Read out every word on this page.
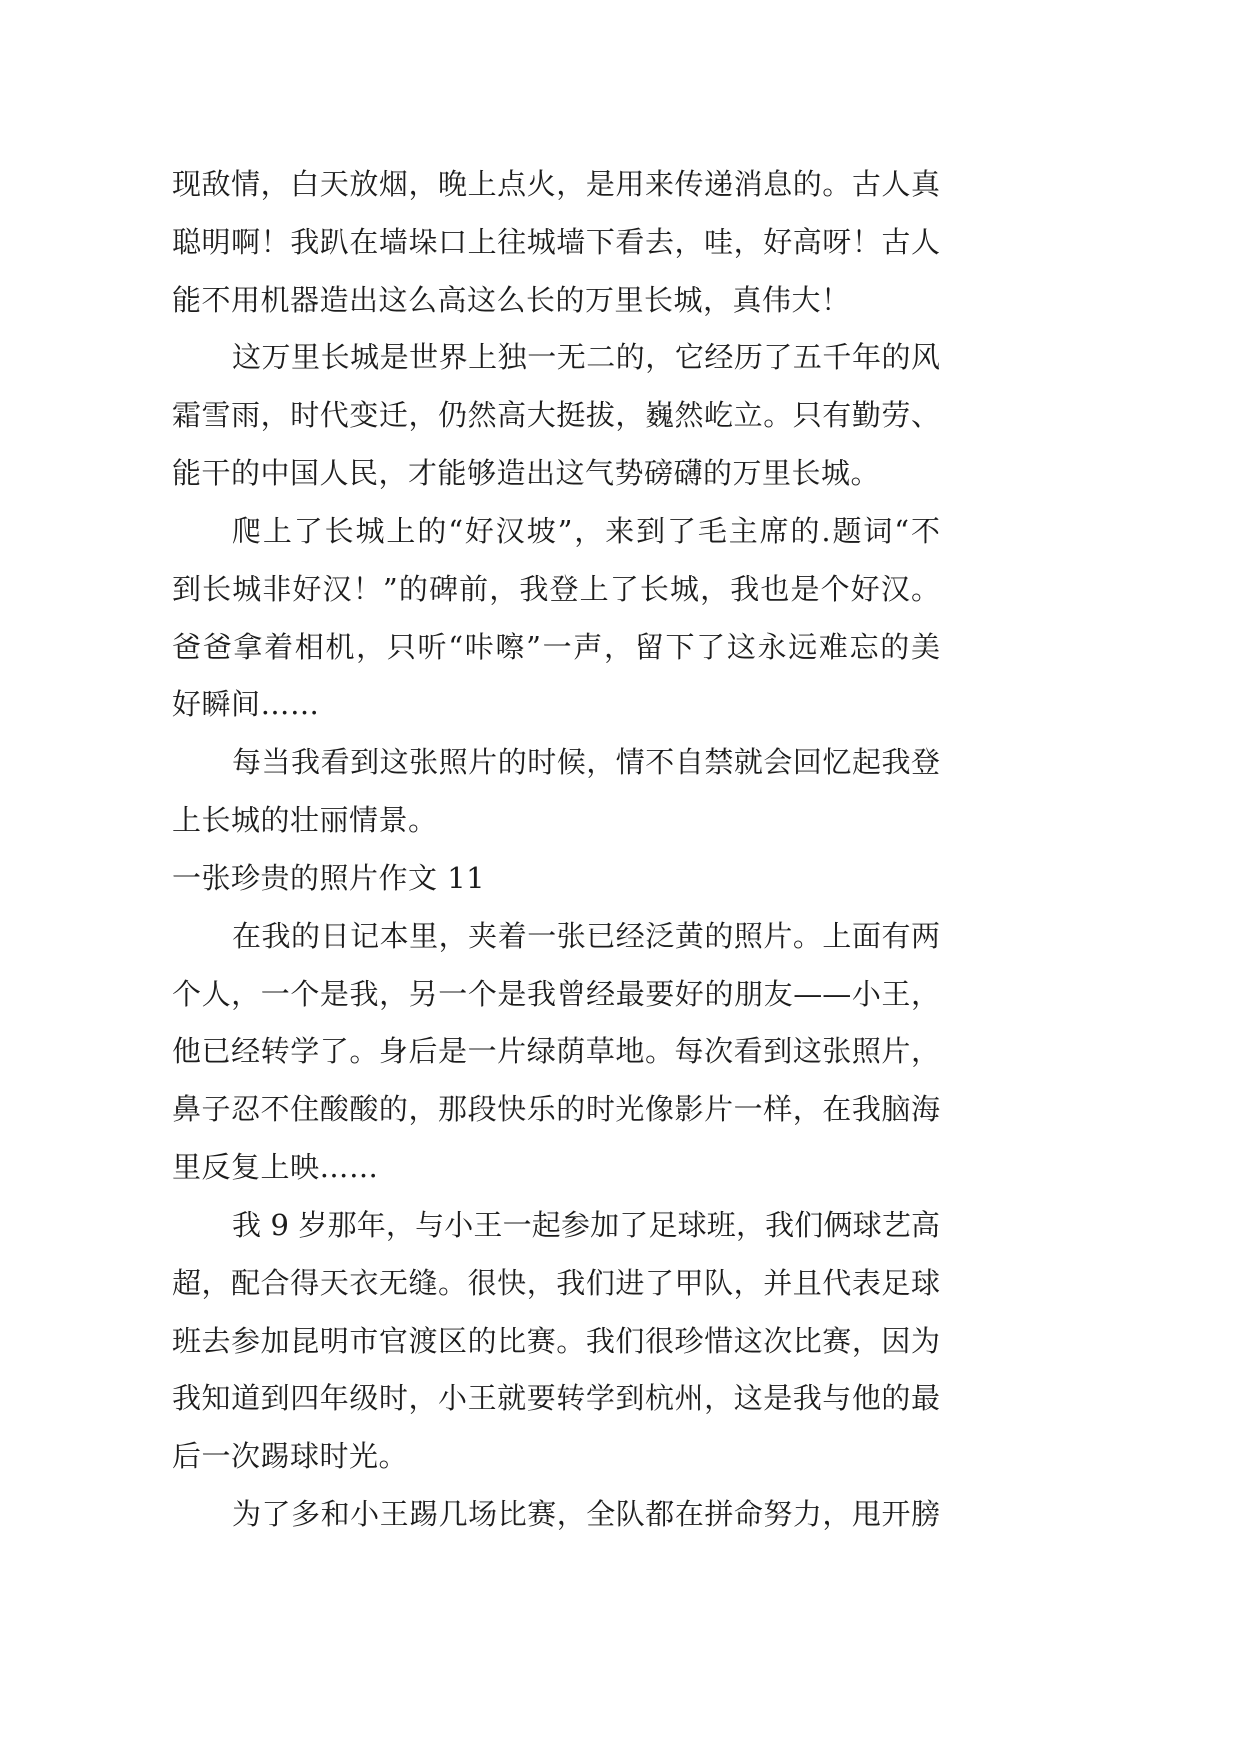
现敌情，白天放烟，晚上点火，是用来传递消息的。古人真
聪明啊！我趴在墙垛口上往城墙下看去，哇，好高呀！古人
能不用机器造出这么高这么长的万里长城，真伟大！
这万里长城是世界上独一无二的，它经历了五千年的风
霜雪雨，时代变迁，仍然高大挺拔，巍然屹立。只有勤劳、
能干的中国人民，才能够造出这气势磅礴的万里长城。
爬上了长城上的“好汉坡”，来到了毛主席的.题词“不
到长城非好汉！”的碑前，我登上了长城，我也是个好汉。
爸爸拿着相机，只听“咔嚓”一声，留下了这永远难忘的美
好瞬间……
每当我看到这张照片的时候，情不自禁就会回忆起我登
上长城的壮丽情景。
一张珍贵的照片作文 11
在我的日记本里，夹着一张已经泛黄的照片。上面有两
个人，一个是我，另一个是我曾经最要好的朋友——小王，
他已经转学了。身后是一片绿荫草地。每次看到这张照片，
鼻子忍不住酸酸的，那段快乐的时光像影片一样，在我脑海
里反复上映……
我 9 岁那年，与小王一起参加了足球班，我们俩球艺高
超，配合得天衣无缝。很快，我们进了甲队，并且代表足球
班去参加昆明市官渡区的比赛。我们很珍惜这次比赛，因为
我知道到四年级时，小王就要转学到杭州，这是我与他的最
后一次踢球时光。
为了多和小王踢几场比赛，全队都在拼命努力，甩开膀
